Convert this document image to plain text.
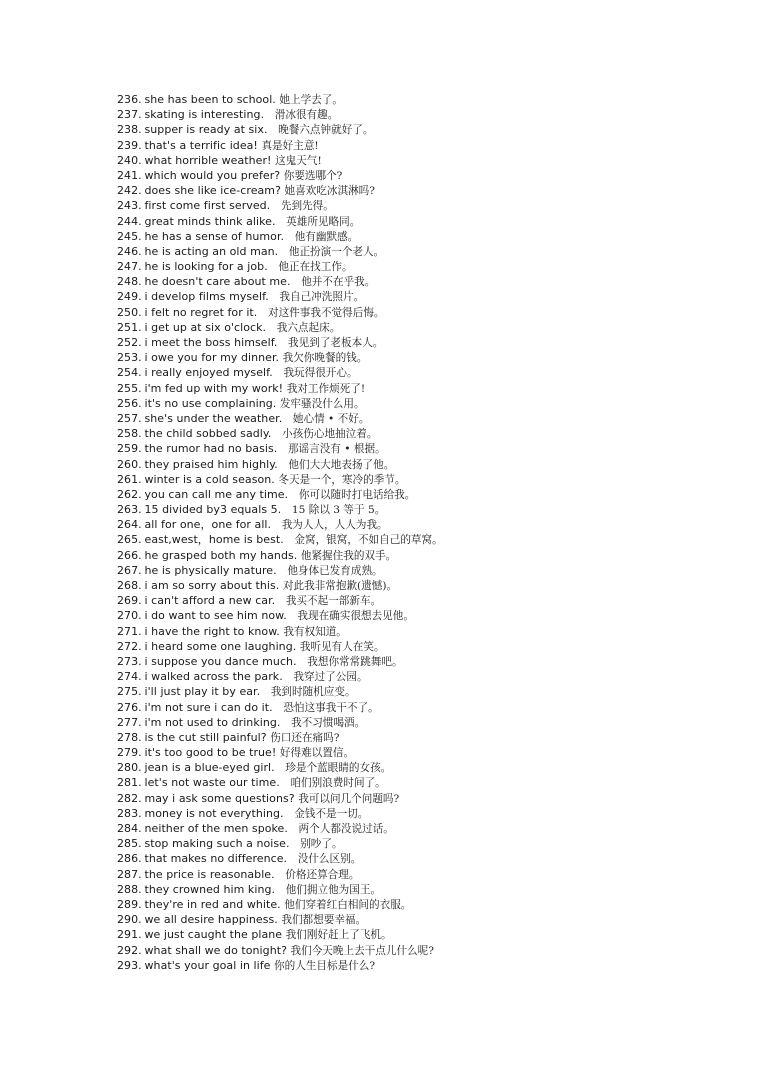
236. she has been to school. 她上学去了。
237. skating is interesting. 滑冰很有趣。
238. supper is ready at six. 晚餐六点钟就好了。
239. that's a terrific idea! 真是好主意!
240. what horrible weather! 这鬼天气!
241. which would you prefer? 你要选哪个?
242. does she like ice-cream? 她喜欢吃冰淇淋吗?
243. first come first served. 先到先得。
244. great minds think alike. 英雄所见略同。
245. he has a sense of humor. 他有幽默感。
246. he is acting an old man. 他正扮演一个老人。
247. he is looking for a job. 他正在找工作。
248. he doesn't care about me. 他并不在乎我。
249. i develop films myself. 我自己冲洗照片。
250. i felt no regret for it. 对这件事我不觉得后悔。
251. i get up at six o'clock. 我六点起床。
252. i meet the boss himself. 我见到了老板本人。
253. i owe you for my dinner. 我欠你晚餐的钱。
254. i really enjoyed myself. 我玩得很开心。
255. i'm fed up with my work! 我对工作烦死了!
256. it's no use complaining. 发牢骚没什么用。
257. she's under the weather. 她心情 • 不好。
258. the child sobbed sadly. 小孩伤心地抽泣着。
259. the rumor had no basis. 那谣言没有 • 根据。
260. they praised him highly. 他们大大地表扬了他。
261. winter is a cold season. 冬天是一个，寒冷的季节。
262. you can call me any time. 你可以随时打电话给我。
263. 15 divided by3 equals 5. 15 除以 3 等于 5。
264. all for one，one for all. 我为人人，人人为我。
265. east,west，home is best. 金窝，银窝，不如自己的草窝。
266. he grasped both my hands. 他紧握住我的双手。
267. he is physically mature. 他身体已发育成熟。
268. i am so sorry about this. 对此我非常抱歉(遗憾)。
269. i can't afford a new car. 我买不起一部新车。
270. i do want to see him now. 我现在确实很想去见他。
271. i have the right to know. 我有权知道。
272. i heard some one laughing. 我听见有人在笑。
273. i suppose you dance much. 我想你常常跳舞吧。
274. i walked across the park. 我穿过了公园。
275. i'll just play it by ear. 我到时随机应变。
276. i'm not sure i can do it. 恐怕这事我干不了。
277. i'm not used to drinking. 我不习惯喝酒。
278. is the cut still painful? 伤口还在痛吗?
279. it's too good to be true! 好得难以置信。
280. jean is a blue-eyed girl. 珍是个蓝眼睛的女孩。
281. let's not waste our time. 咱们别浪费时间了。
282. may i ask some questions? 我可以问几个问题吗?
283. money is not everything. 金钱不是一切。
284. neither of the men spoke. 两个人都没说过话。
285. stop making such a noise. 别吵了。
286. that makes no difference. 没什么区别。
287. the price is reasonable. 价格还算合理。
288. they crowned him king. 他们拥立他为国王。
289. they're in red and white. 他们穿着红白相间的衣服。
290. we all desire happiness. 我们都想要幸福。
291. we just caught the plane 我们刚好赶上了飞机。
292. what shall we do tonight? 我们今天晚上去干点儿什么呢?
293. what's your goal in life 你的人生目标是什么?
